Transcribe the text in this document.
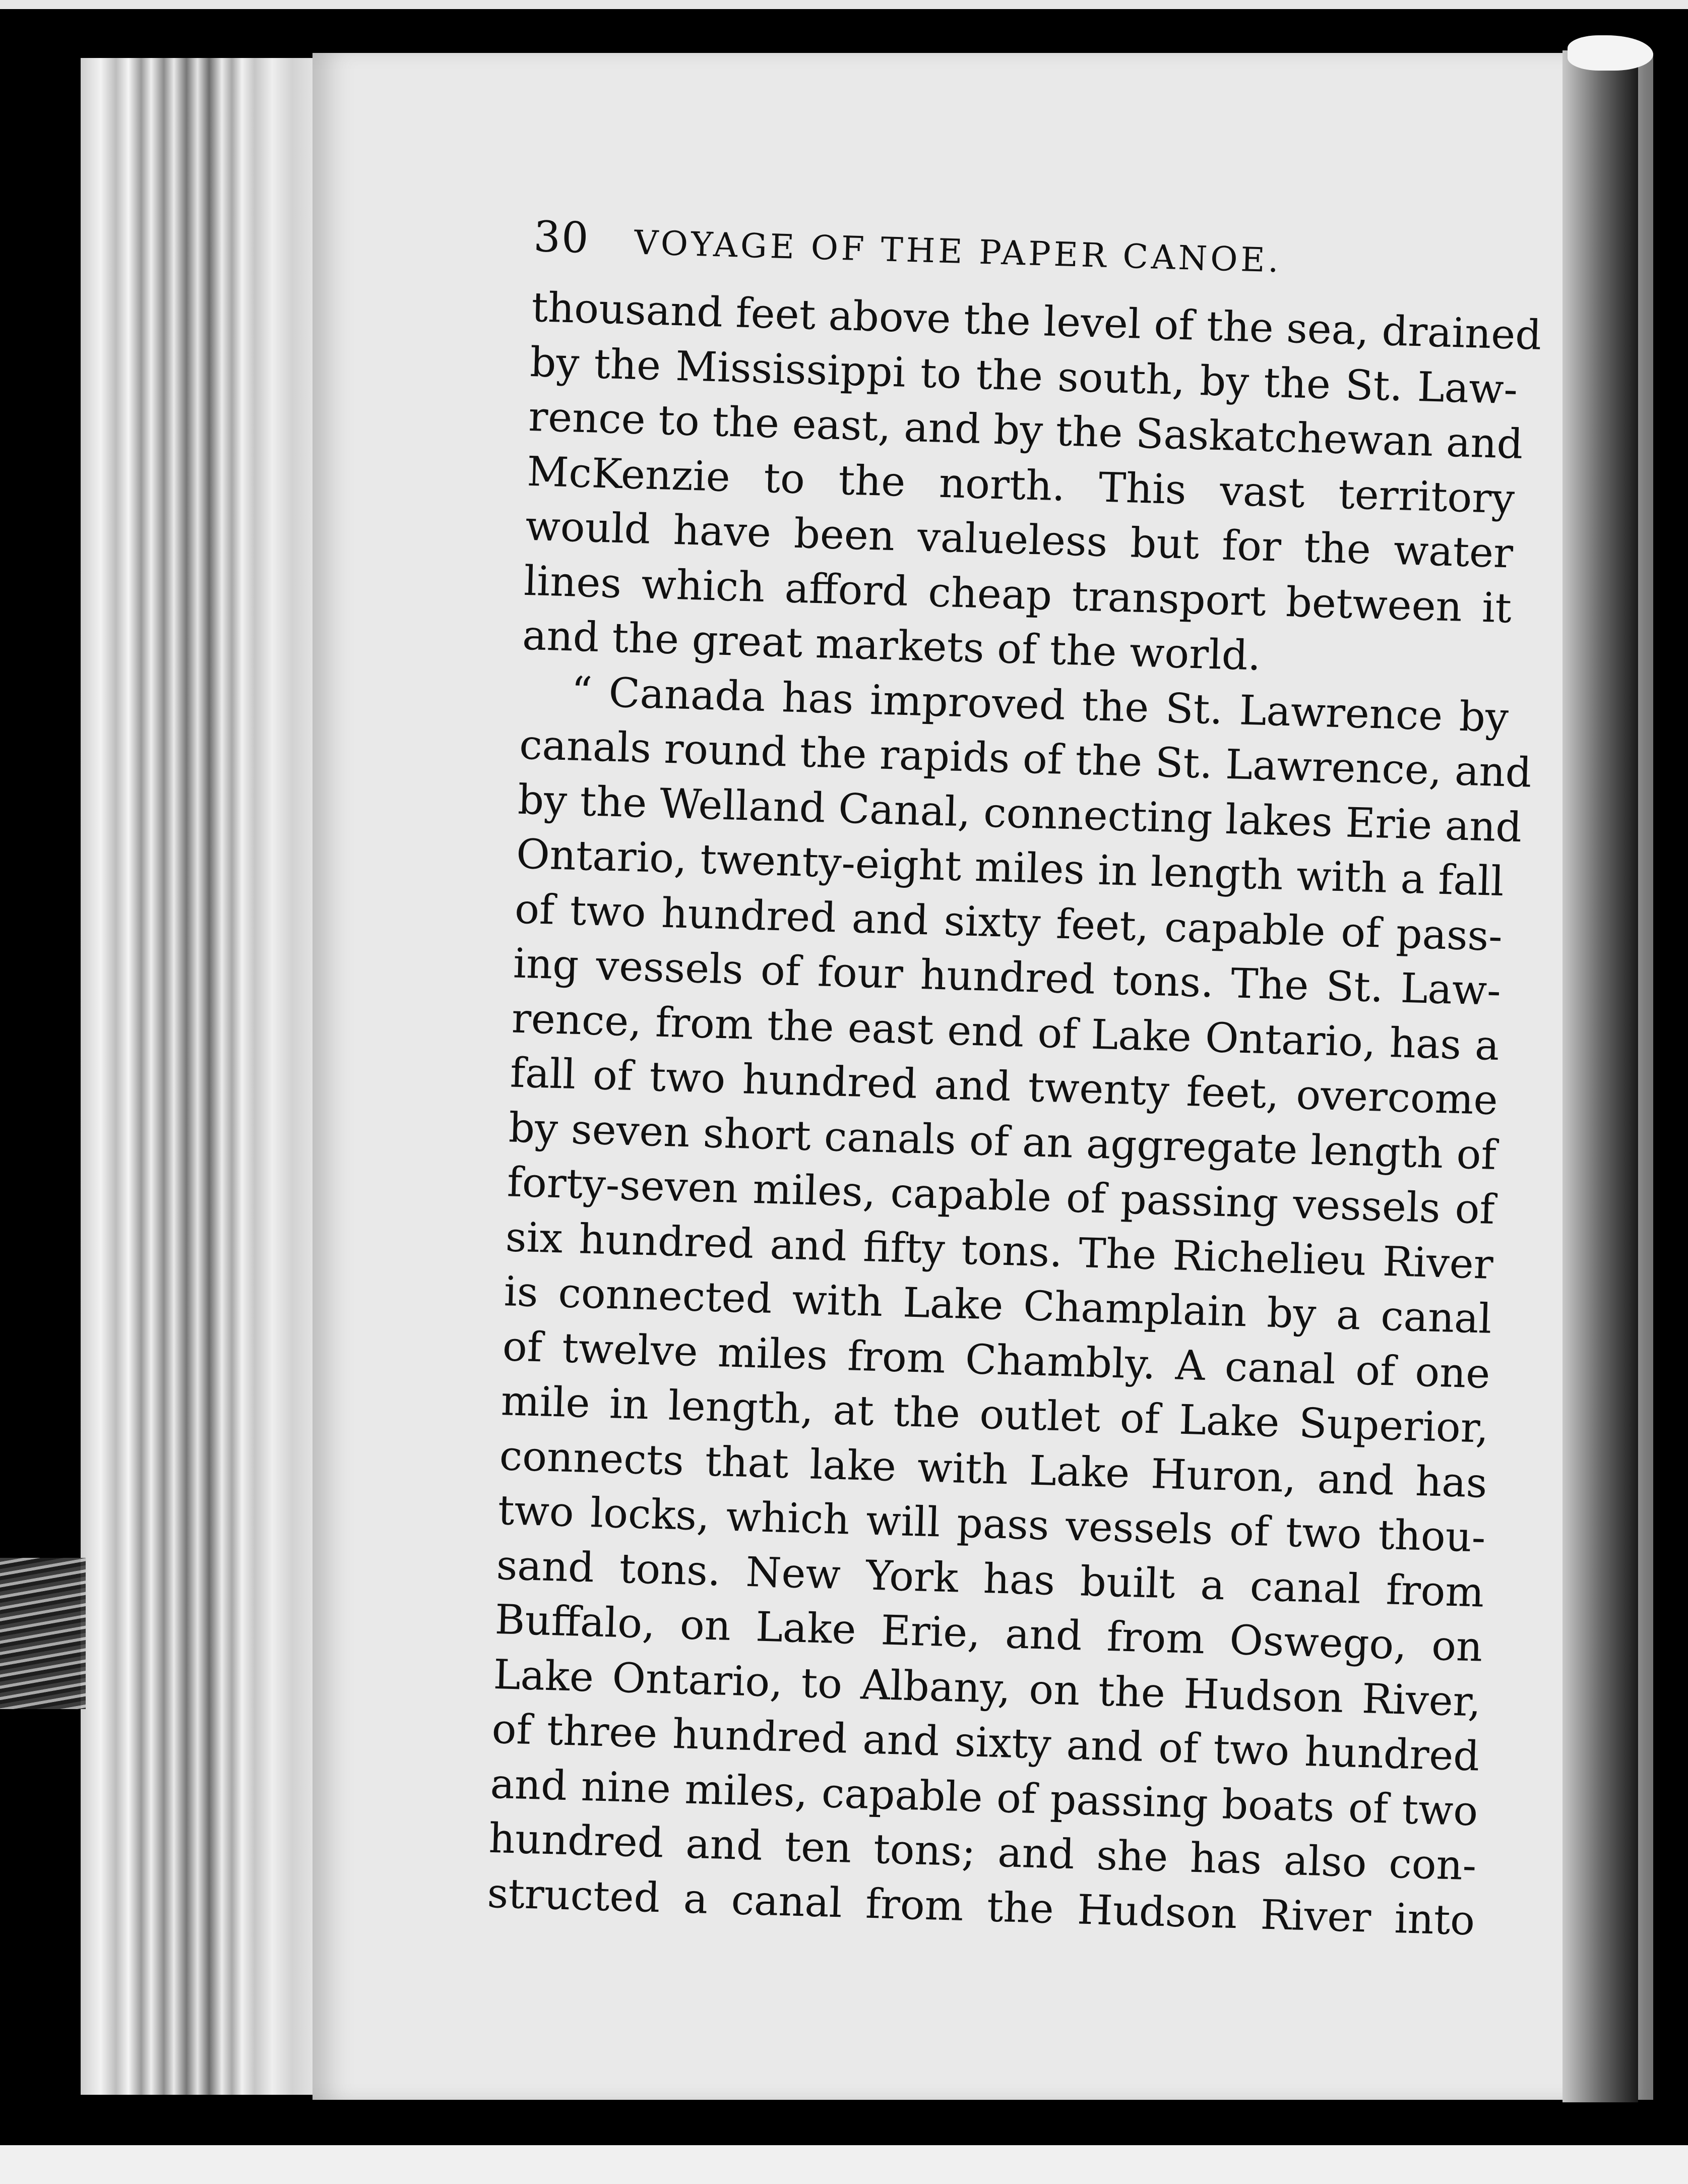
30	VOYAGE OF THE PAPER CANOE.
thousand feet above the level of the sea, drained
by the Mississippi to the south, by the St. Law-
rence to the east, and by the Saskatchewan and
McKenzie to the north. This vast territory
would have been valueless but for the water
lines which afford cheap transport between it
and the great markets of the world.
“ Canada has improved the St. Lawrence by
canals round the rapids of the St. Lawrence, and
by the Welland Canal, connecting lakes Erie and
Ontario, twenty-eight miles in length with a fall
of two hundred and sixty feet, capable of pass-
ing vessels of four hundred tons. The St. Law-
rence, from the east end of Lake Ontario, has a
fall of two hundred and twenty feet, overcome
by seven short canals of an aggregate length of
forty-seven miles, capable of passing vessels of
six hundred and fifty tons. The Richelieu River
is connected with Lake Champlain by a canal
of twelve miles from Chambly. A canal of one
mile in length, at the outlet of Lake Superior,
connects that lake with Lake Huron, and has
two locks, which will pass vessels of two thou-
sand tons. New York has built a canal from
Buffalo, on Lake Erie, and from Oswego, on
Lake Ontario, to Albany, on the Hudson River,
of three hundred and sixty and of two hundred
and nine miles, capable of passing boats of two
hundred and ten tons; and she has also con-
structed a canal from the Hudson River into
